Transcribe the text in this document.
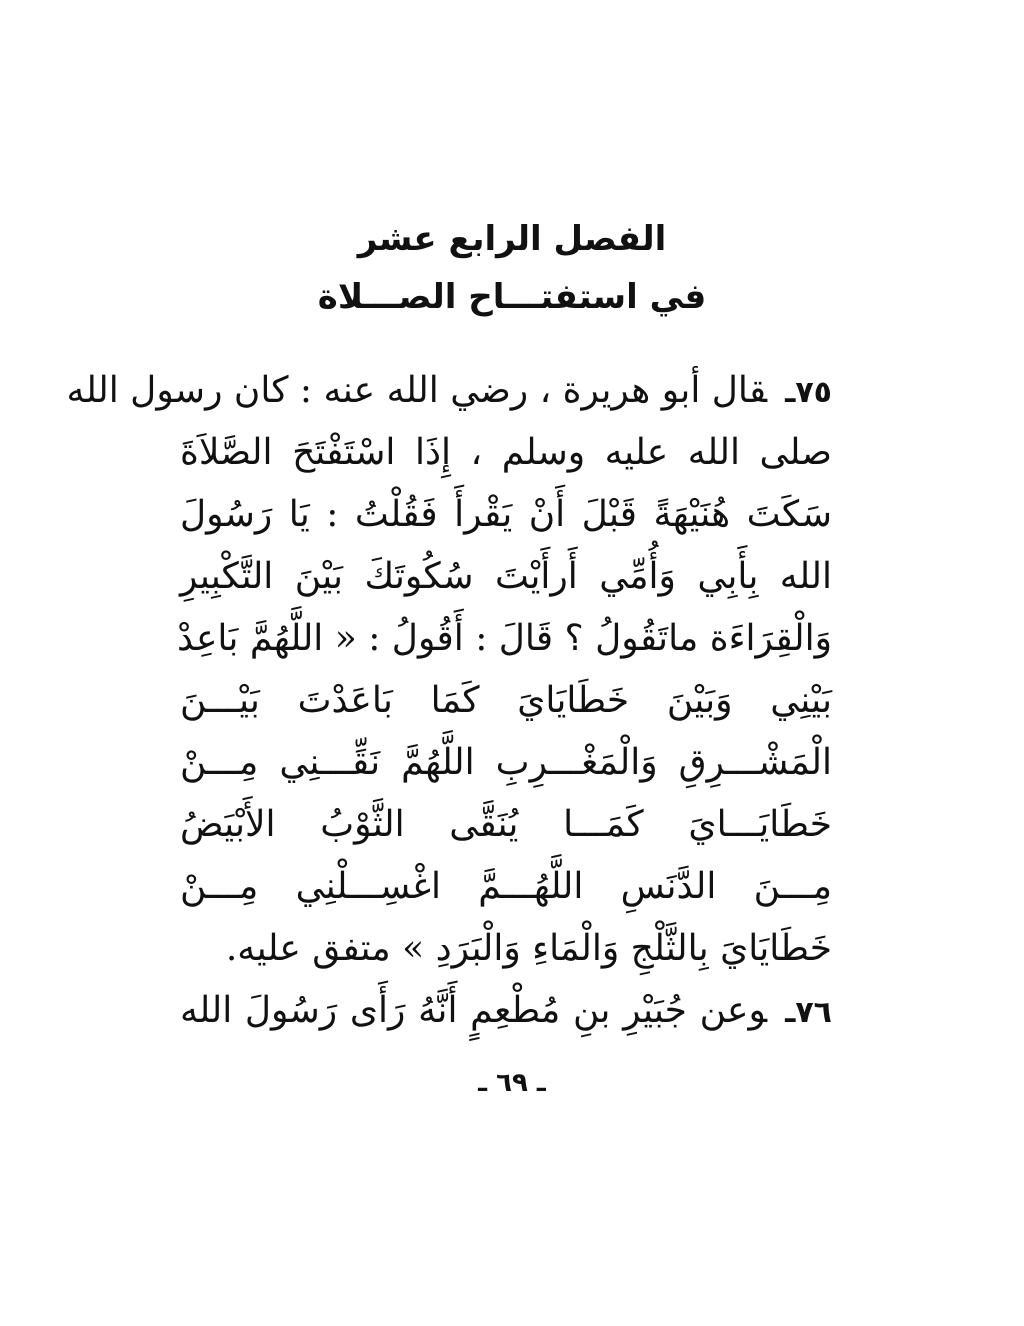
الفصل الرابع عشر
في استفتـــاح الصـــلاة
٧٥ـقال أبو هريرة ، رضي الله عنه : كان رسول الله
صلى الله عليه وسلم ، إِذَا اسْتَفْتَحَ الصَّلاَةَ
سَكَتَ هُنَيْهَةً قَبْلَ أَنْ يَقْرأَ فَقُلْتُ : يَا رَسُولَ
الله بِأَبِي وَأُمِّي أَرأَيْتَ سُكُوتَكَ بَيْنَ التَّكْبِيرِ
وَالْقِرَاءَة ماتَقُولُ ؟ قَالَ : أَقُولُ : « اللَّهُمَّ بَاعِدْ
بَيْنِي وَبَيْنَ خَطَايَايَ كَمَا بَاعَدْتَ بَيْـــنَ
الْمَشْـــرِقِ وَالْمَغْـــرِبِ اللَّهُمَّ نَقِّـــنِي مِـــنْ
خَطَايَـــايَ كَمَـــا يُنَقَّى الثَّوْبُ الأَبْيَضُ
مِـــنَ الدَّنَسِ اللَّهُـــمَّ اغْسِـــلْنِي مِـــنْ
خَطَايَايَ بِالثَّلْجِ وَالْمَاءِ وَالْبَرَدِ » متفق عليه.
٧٦ـوعن جُبَيْرِ بنِ مُطْعِمٍ أَنَّهُ رَأَى رَسُولَ الله
ـ ٦٩ ـ
